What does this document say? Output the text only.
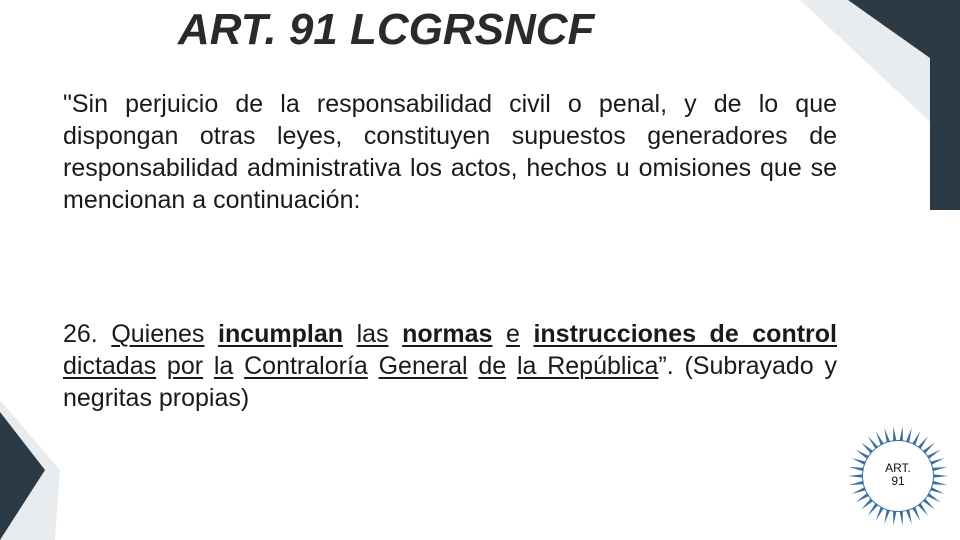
ART. 91 LCGRSNCF

"Sin perjuicio de la responsabilidad civil o penal, y de lo que dispongan otras leyes, constituyen supuestos generadores de responsabilidad administrativa los actos, hechos u omisiones que se mencionan a continuación:

26. Quienes incumplan las normas e instrucciones de control dictadas por la Contraloría General de la República”. (Subrayado y negritas propias)

ART.
91
